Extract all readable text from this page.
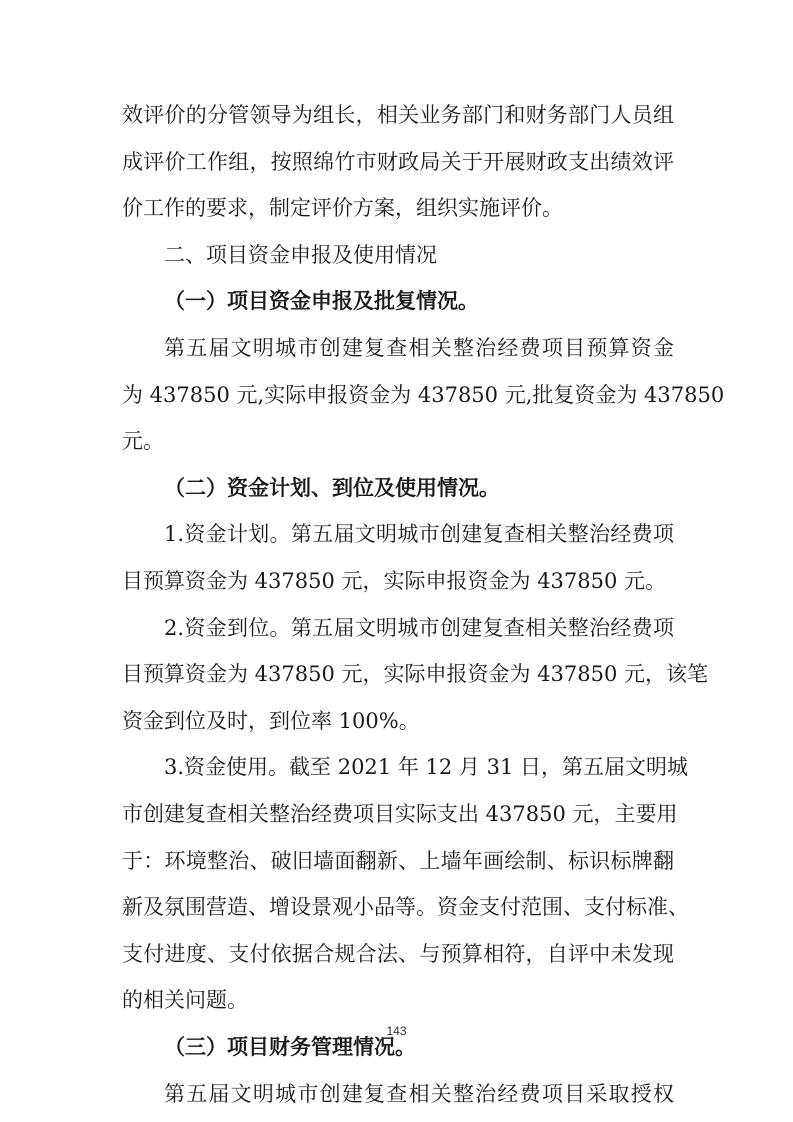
效评价的分管领导为组长，相关业务部门和财务部门人员组
成评价工作组，按照绵竹市财政局关于开展财政支出绩效评
价工作的要求，制定评价方案，组织实施评价。
二、项目资金申报及使用情况
（一）项目资金申报及批复情况。
第五届文明城市创建复查相关整治经费项目预算资金
为 437850 元,实际申报资金为 437850 元,批复资金为 437850
元。
（二）资金计划、到位及使用情况。
1.资金计划。第五届文明城市创建复查相关整治经费项
目预算资金为 437850 元，实际申报资金为 437850 元。
2.资金到位。第五届文明城市创建复查相关整治经费项
目预算资金为 437850 元，实际申报资金为 437850 元，该笔
资金到位及时，到位率 100%。
3.资金使用。截至 2021 年 12 月 31 日，第五届文明城
市创建复查相关整治经费项目实际支出 437850 元，主要用
于：环境整治、破旧墙面翻新、上墙年画绘制、标识标牌翻
新及氛围营造、增设景观小品等。资金支付范围、支付标准、
支付进度、支付依据合规合法、与预算相符，自评中未发现
的相关问题。
（三）项目财务管理情况。
第五届文明城市创建复查相关整治经费项目采取授权
143
